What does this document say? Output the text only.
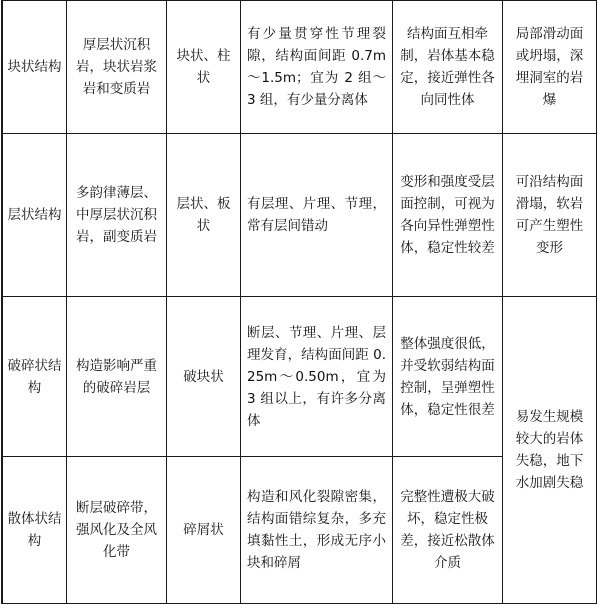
块状结构	厚层状沉积岩，块状岩浆岩和变质岩	块状、柱状	有少量贯穿性节理裂隙，结构面间距 0.7m～1.5m；宜为 2 组～3 组，有少量分离体	结构面互相牵制，岩体基本稳定，接近弹性各向同性体	局部滑动面或坍塌，深埋洞室的岩爆
层状结构	多韵律薄层、中厚层状沉积岩，副变质岩	层状、板状	有层理、片理、节理，常有层间错动	变形和强度受层面控制，可视为各向异性弹塑性体，稳定性较差	可沿结构面滑塌，软岩可产生塑性变形
破碎状结构	构造影响严重的破碎岩层	破块状	断层、节理、片理、层理发育，结构面间距 0.25m～0.50m，宜为 3 组以上，有许多分离体	整体强度很低，并受软弱结构面控制，呈弹塑性体，稳定性很差	易发生规模较大的岩体失稳，地下水加剧失稳
散体状结构	断层破碎带，强风化及全风化带	碎屑状	构造和风化裂隙密集，结构面错综复杂，多充填黏性土，形成无序小块和碎屑	完整性遭极大破坏，稳定性极差，接近松散体介质	
